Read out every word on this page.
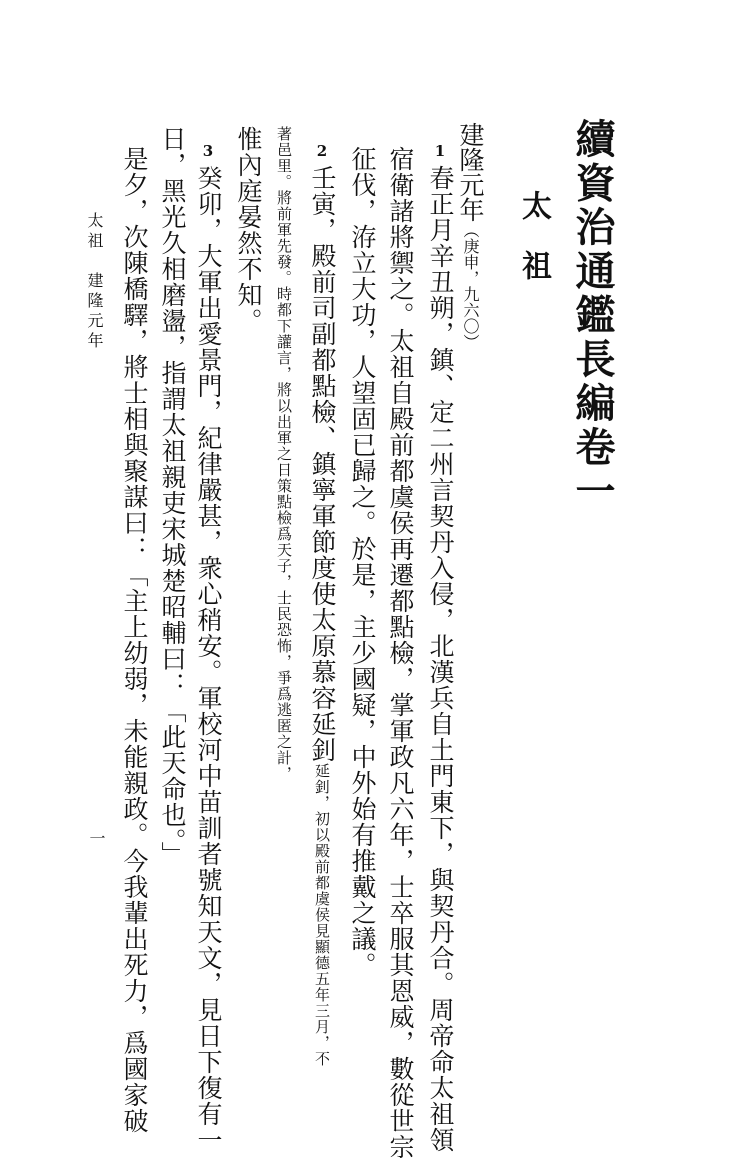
續資治通鑑長編卷一
太祖
建隆元年（庚申，九六〇）
1春正月辛丑朔，鎮、定二州言契丹入侵，北漢兵自土門東下，與契丹合。周帝命太祖領
宿衛諸將禦之。太祖自殿前都虞侯再遷都點檢，掌軍政凡六年，士卒服其恩威，數從世宗
征伐，洊立大功，人望固已歸之。於是，主少國疑，中外始有推戴之議。
2壬寅，殿前司副都點檢、鎮寧軍節度使太原慕容延釗延釗，初以殿前都虞侯見顯德五年三月，不
著邑里。將前軍先發。時都下讙言，將以出軍之日策點檢爲天子，士民恐怖，爭爲逃匿之計，
惟內庭晏然不知。
3癸卯，大軍出愛景門，紀律嚴甚，衆心稍安。軍校河中苗訓者號知天文，見日下復有一
日，黑光久相磨盪，指謂太祖親吏宋城楚昭輔曰：「此天命也。」
是夕，次陳橋驛，將士相與聚謀曰：「主上幼弱，未能親政。今我輩出死力，爲國家破
太祖　建隆元年
一
